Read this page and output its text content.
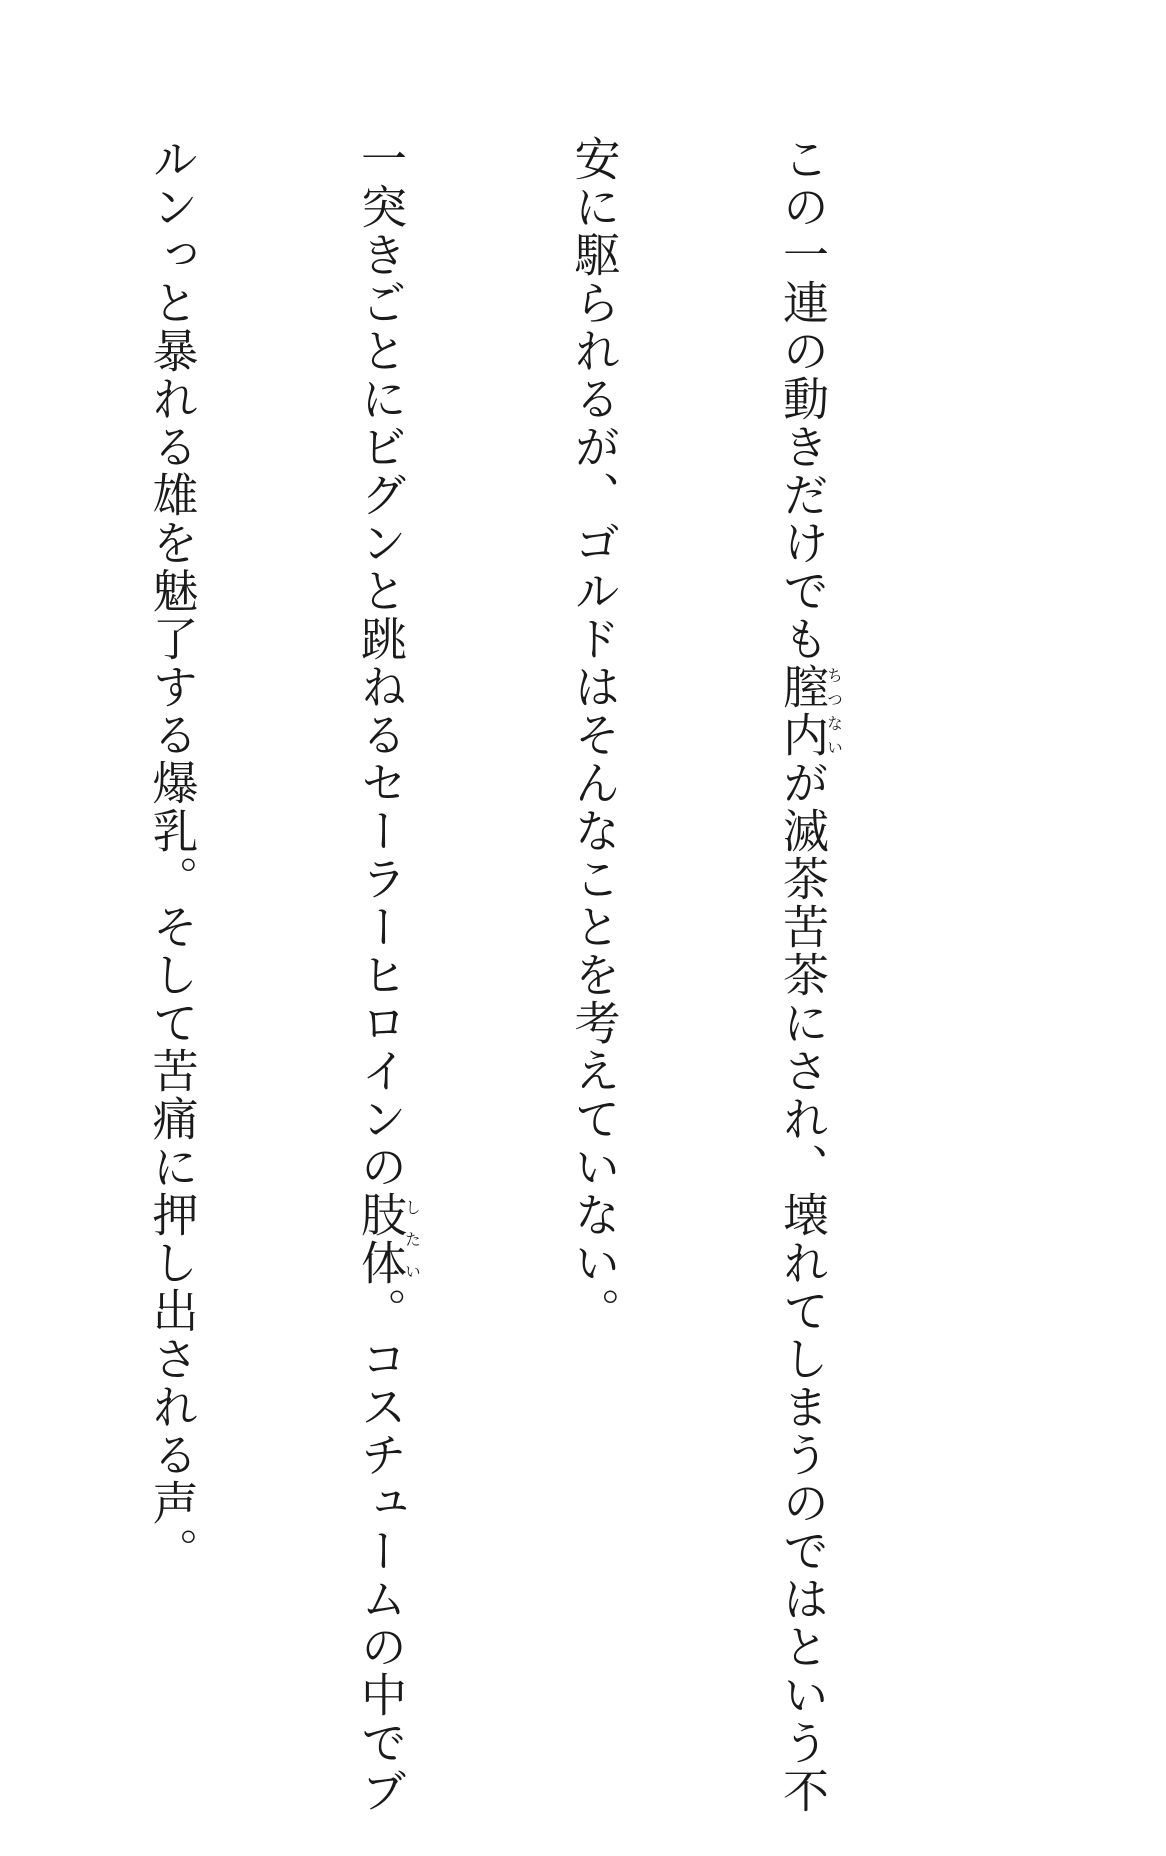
この一連の動きだけでも膣内ちつないが滅茶苦茶にされ、壊れてしまうのではという不

安に駆られるが、ゴルドはそんなことを考えていない。

一突きごとにビグンと跳ねるセーラーヒロインの肢体したい。コスチュームの中でブ

ルンっと暴れる雄を魅了する爆乳。そして苦痛に押し出される声。
